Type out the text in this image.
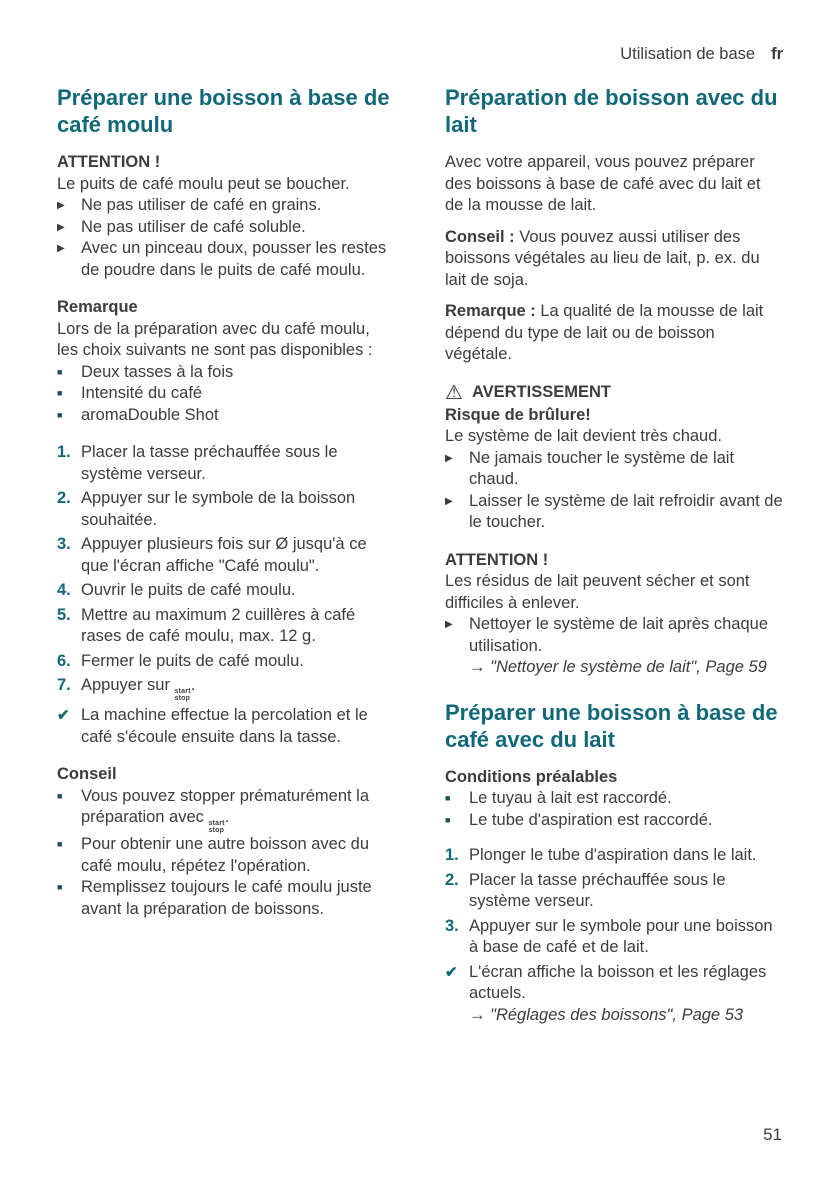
Utilisation de base fr
Préparer une boisson à base de café moulu

ATTENTION !

Le puits de café moulu peut se boucher.

▶ Ne pas utiliser de café en grains.
▶ Ne pas utiliser de café soluble.
▶ Avec un pinceau doux, pousser les restes de poudre dans le puits de café moulu.

Remarque

Lors de la préparation avec du café moulu, les choix suivants ne sont pas disponibles :

■	Deux tasses à la fois
■	Intensité du café
■	aromaDouble Shot
1. Placer la tasse préchauffée sous le système verseur.
2. Appuyer sur le symbole de la boisson souhaitée.
3. Appuyer plusieurs fois sur Ø jusqu'à ce que l'écran affiche "Café moulu".
4. Ouvrir le puits de café moulu.
5. Mettre au maximum 2 cuillères à café rases de café moulu, max. 12 g.
6. Fermer le puits de café moulu.
7. Appuyer sur start
stop
.
✔ La machine effectue la percolation et le café s'écoule ensuite dans la tasse.

Conseil

■	Vous pouvez stopper prématurément la préparation avec start
stop
.
■	Pour obtenir une autre boisson avec du café moulu, répétez l'opération.
■	Remplissez toujours le café moulu juste avant la préparation de boissons.
Préparation de boisson avec du lait

Avec votre appareil, vous pouvez préparer des boissons à base de café avec du lait et de la mousse de lait.

Conseil : Vous pouvez aussi utiliser des boissons végétales au lieu de lait, p. ex. du lait de soja.

Remarque : La qualité de la mousse de lait dépend du type de lait ou de boisson végétale.

⚠ AVERTISSEMENT

Risque de brûlure!

Le système de lait devient très chaud.

▶ Ne jamais toucher le système de lait chaud.
▶ Laisser le système de lait refroidir avant de le toucher.

ATTENTION !

Les résidus de lait peuvent sécher et sont difficiles à enlever.

▶ Nettoyer le système de lait après chaque utilisation.
→ "Nettoyer le système de lait", Page 59
Préparer une boisson à base de café avec du lait

Conditions préalables

■	Le tuyau à lait est raccordé.
■	Le tube d'aspiration est raccordé.
1. Plonger le tube d'aspiration dans le lait.
2. Placer la tasse préchauffée sous le système verseur.
3. Appuyer sur le symbole pour une boisson à base de café et de lait.
✔ L'écran affiche la boisson et les réglages actuels.
→ "Réglages des boissons", Page 53
51
